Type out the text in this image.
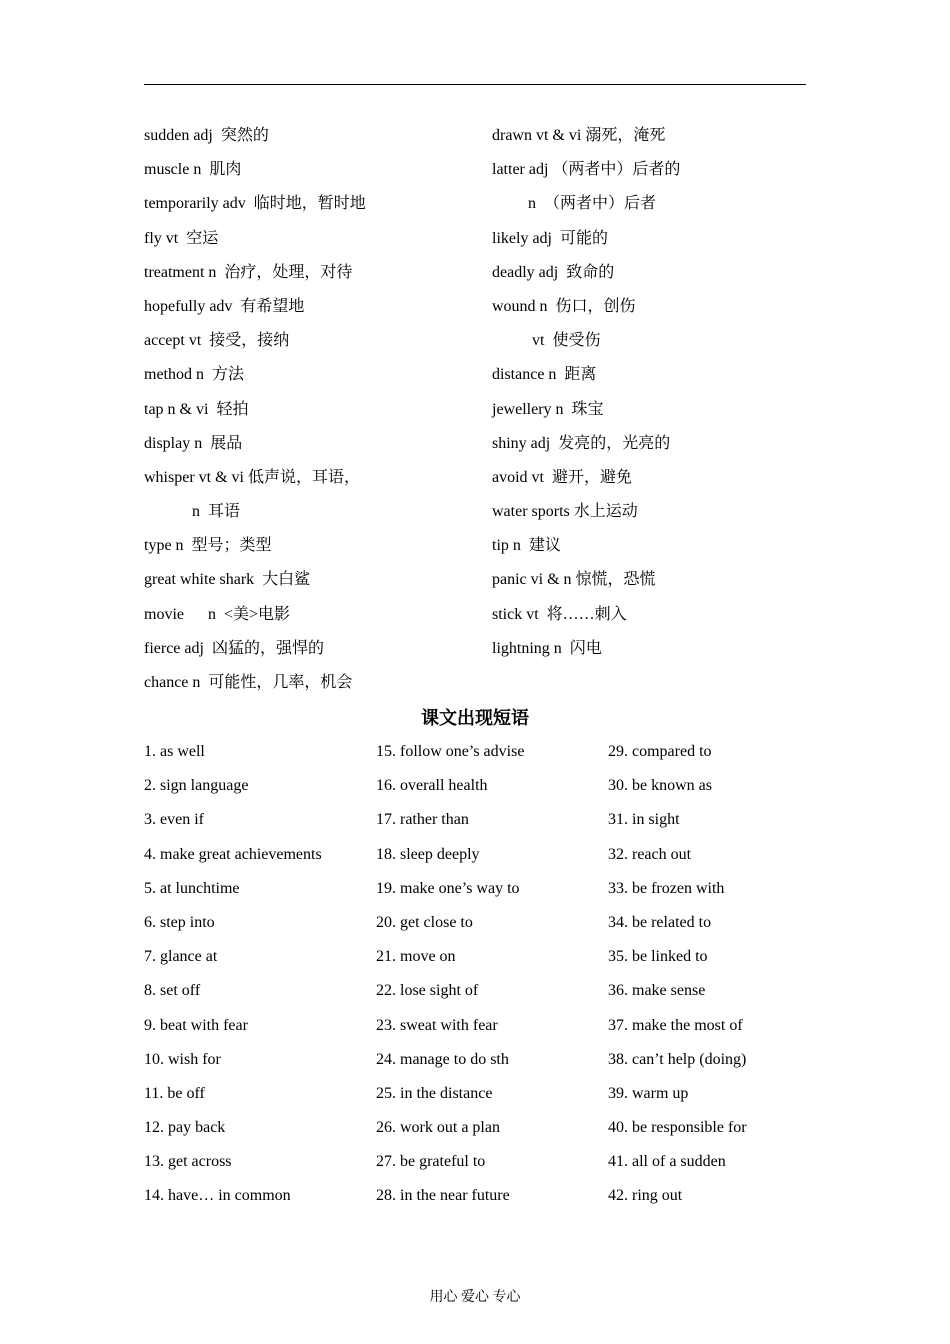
sudden adj  突然的
muscle n  肌肉
temporarily adv  临时地，暂时地
fly vt  空运
treatment n  治疗，处理，对待
hopefully adv  有希望地
accept vt  接受，接纳
method n  方法
tap n & vi  轻拍
display n  展品
whisper vt & vi 低声说，耳语，
n  耳语
type n  型号；类型
great white shark  大白鲨
movie      n  <美>电影
fierce adj  凶猛的，强悍的
chance n  可能性，几率，机会
drawn vt & vi 溺死，淹死
latter adj （两者中）后者的
n  （两者中）后者
likely adj  可能的
deadly adj  致命的
wound n  伤口，创伤
vt  使受伤
distance n  距离
jewellery n  珠宝
shiny adj  发亮的，光亮的
avoid vt  避开，避免
water sports 水上运动
tip n  建议
panic vi & n 惊慌，恐慌
stick vt  将……刺入
lightning n  闪电
课文出现短语
1. as well
2. sign language
3. even if
4. make great achievements
5. at lunchtime
6. step into
7. glance at
8. set off
9. beat with fear
10. wish for
11. be off
12. pay back
13. get across
14. have… in common
15. follow one’s advise
16. overall health
17. rather than
18. sleep deeply
19. make one’s way to
20. get close to
21. move on
22. lose sight of
23. sweat with fear
24. manage to do sth
25. in the distance
26. work out a plan
27. be grateful to
28. in the near future
29. compared to
30. be known as
31. in sight
32. reach out
33. be frozen with
34. be related to
35. be linked to
36. make sense
37. make the most of
38. can’t help (doing)
39. warm up
40. be responsible for
41. all of a sudden
42. ring out
用心 爱心 专心
